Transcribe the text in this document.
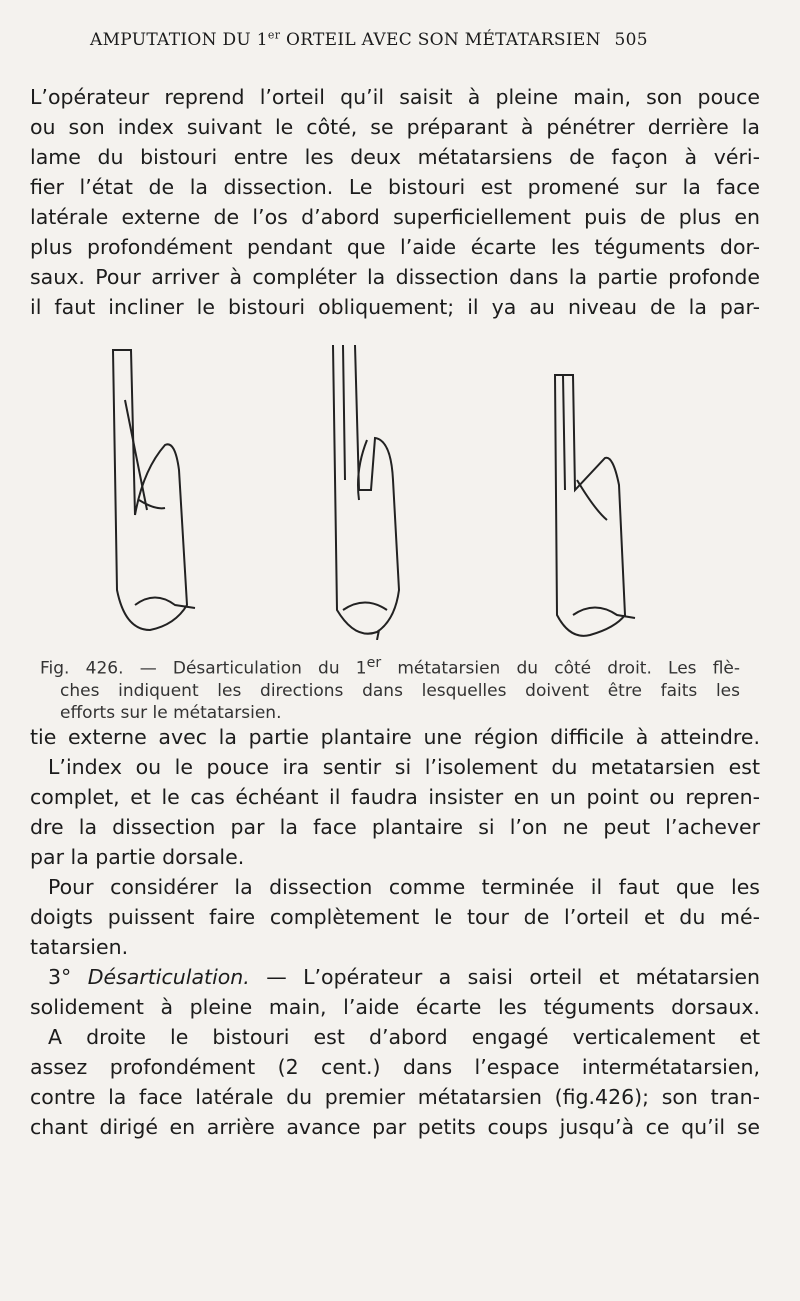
AMPUTATION DU 1er ORTEIL AVEC SON MÉTATARSIEN 505

L’opérateur reprend l’orteil qu’il saisit à pleine main, son pouce
ou son index suivant le côté, se préparant à pénétrer derrière la
lame du bistouri entre les deux métatarsiens de façon à véri-
fier l’état de la dissection. Le bistouri est promené sur la face
latérale externe de l’os d’abord superficiellement puis de plus en
plus profondément pendant que l’aide écarte les téguments dor-
saux. Pour arriver à compléter la dissection dans la partie profonde
il faut incliner le bistouri obliquement; il ya au niveau de la par-

Fig. 426. — Désarticulation du 1er métatarsien du côté droit. Les flè-
ches indiquent les directions dans lesquelles doivent être faits les
efforts sur le métatarsien.

tie externe avec la partie plantaire une région difficile à atteindre.
L’index ou le pouce ira sentir si l’isolement du metatarsien est
complet, et le cas échéant il faudra insister en un point ou repren-
dre la dissection par la face plantaire si l’on ne peut l’achever
par la partie dorsale.

Pour considérer la dissection comme terminée il faut que les
doigts puissent faire complètement le tour de l’orteil et du mé-
tatarsien.

3° Désarticulation. — L’opérateur a saisi orteil et métatarsien
solidement à pleine main, l’aide écarte les téguments dorsaux.
A droite le bistouri est d’abord engagé verticalement et
assez profondément (2 cent.) dans l’espace intermétatarsien,
contre la face latérale du premier métatarsien (fig.426); son tran-
chant dirigé en arrière avance par petits coups jusqu’à ce qu’il se
